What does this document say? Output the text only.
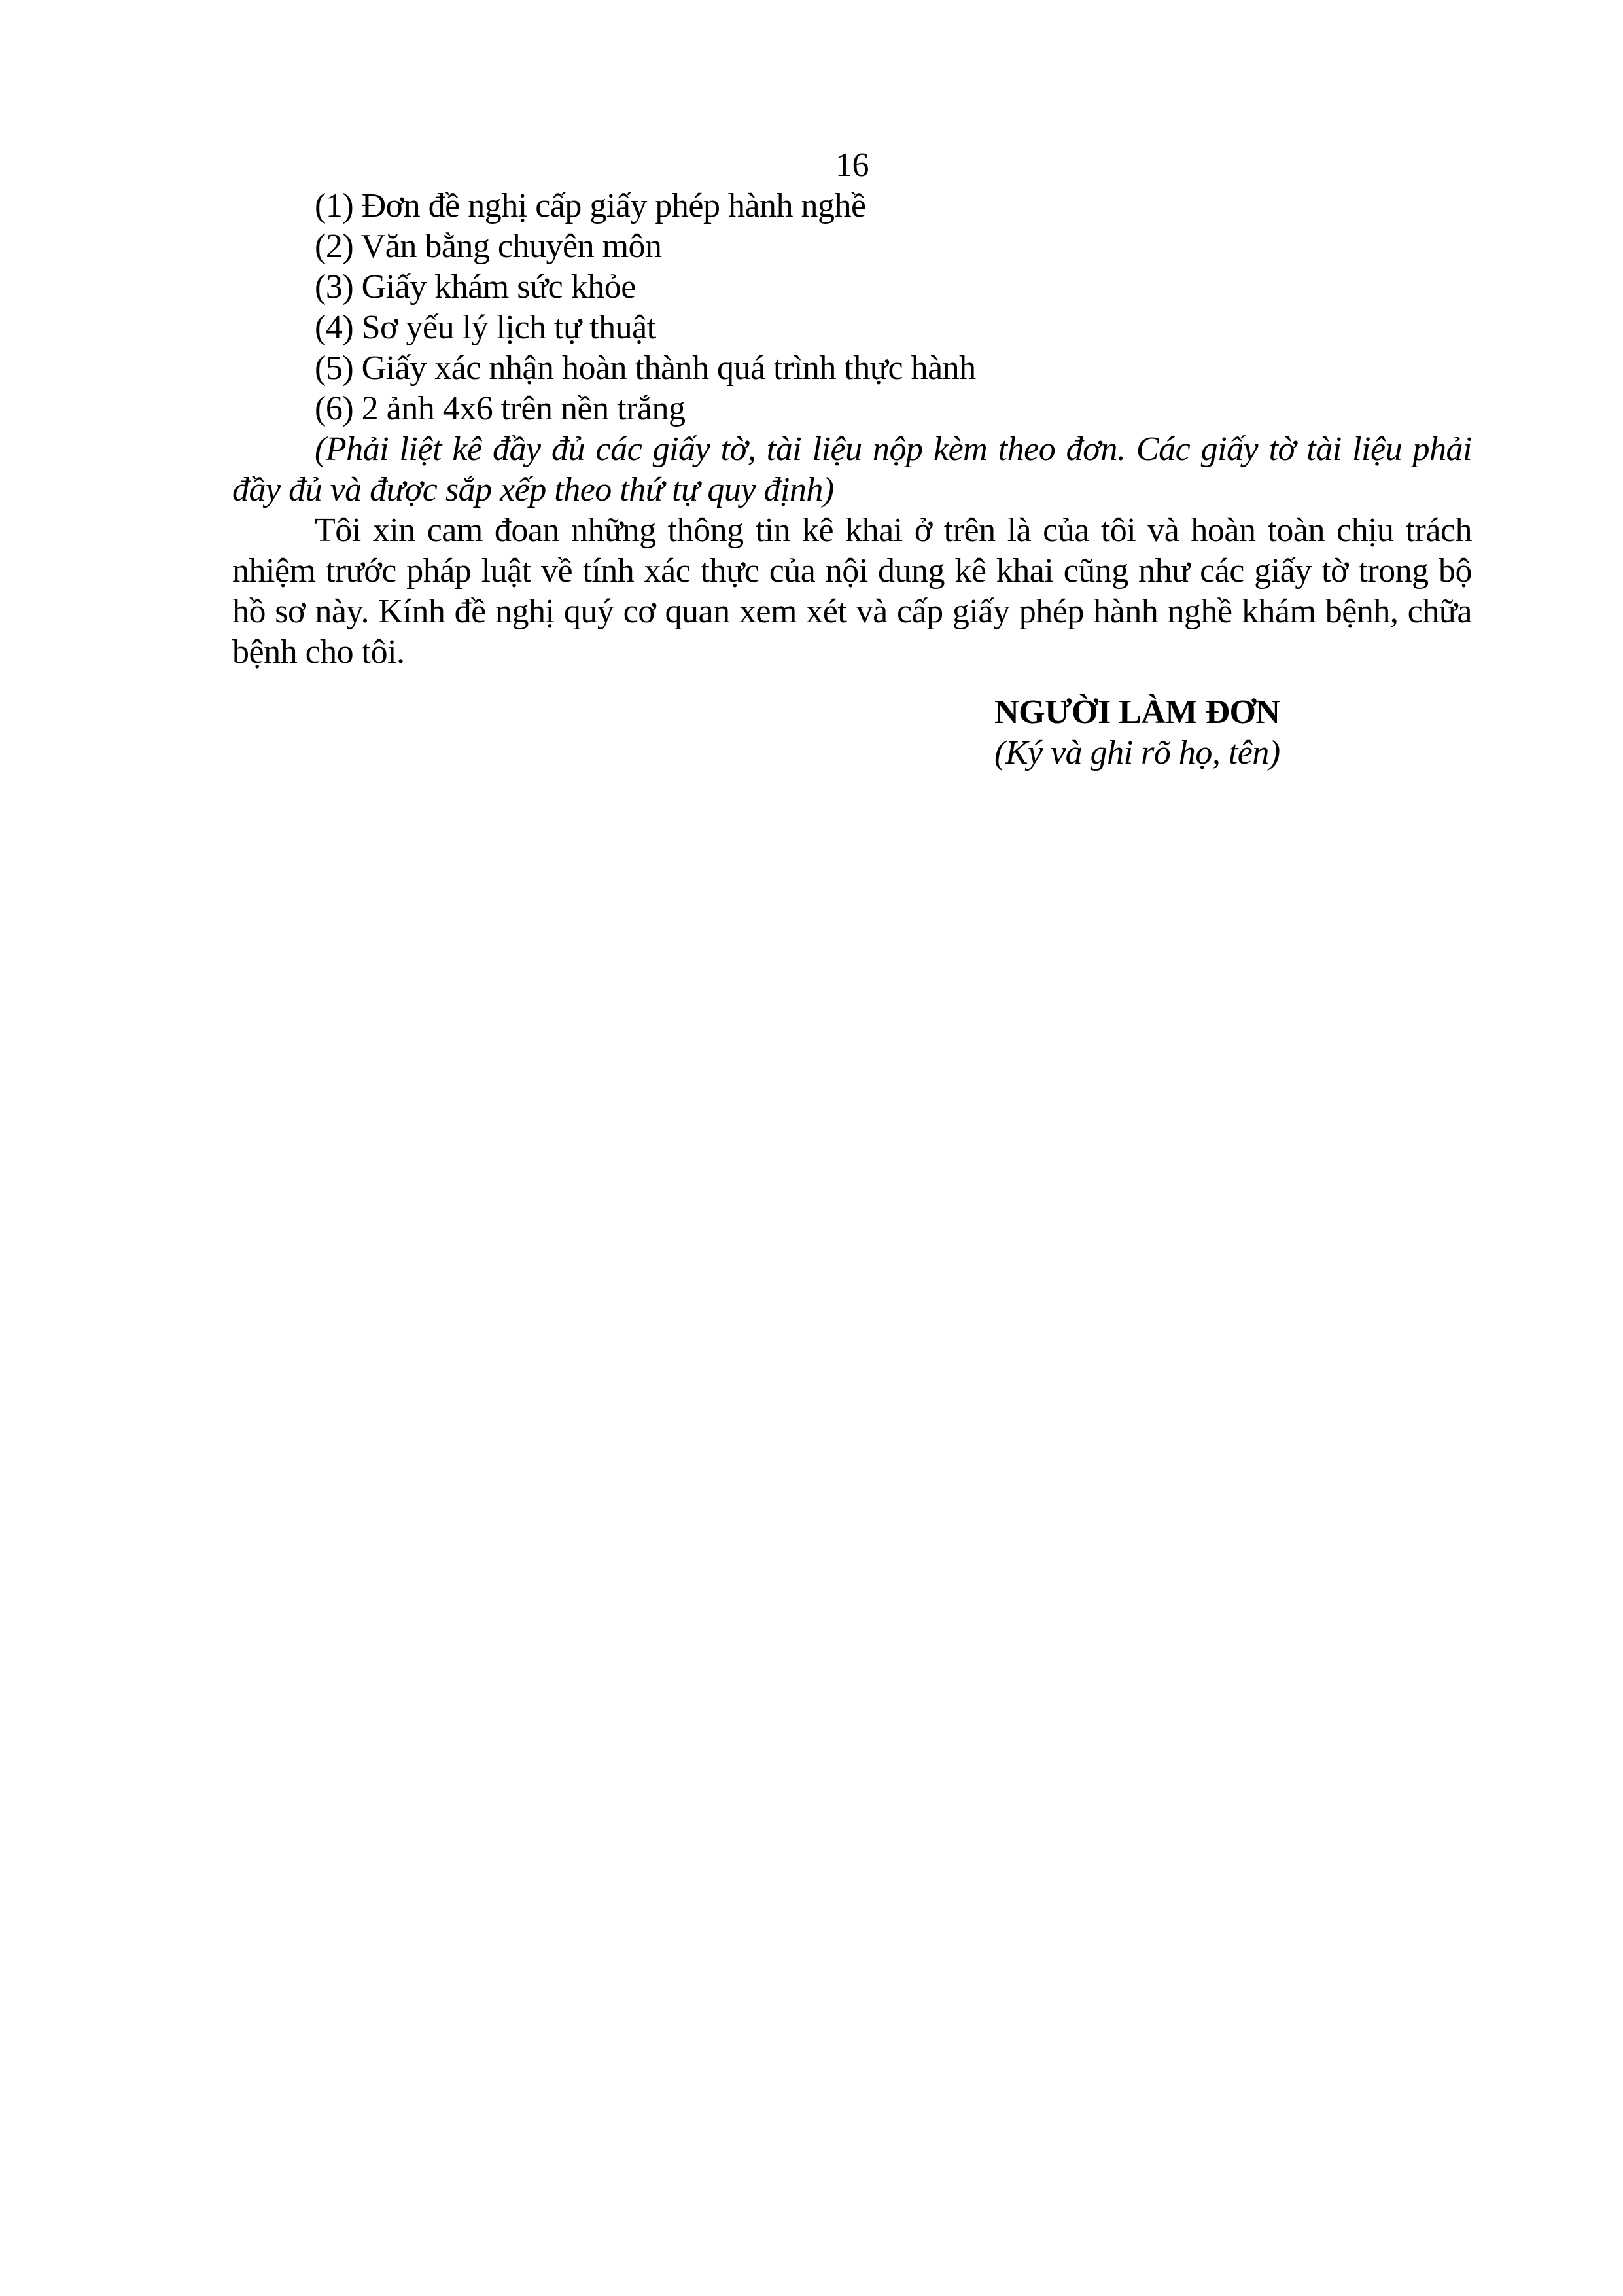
16
(1) Đơn đề nghị cấp giấy phép hành nghề
(2) Văn bằng chuyên môn
(3) Giấy khám sức khỏe
(4) Sơ yếu lý lịch tự thuật
(5) Giấy xác nhận hoàn thành quá trình thực hành
(6) 2 ảnh 4x6 trên nền trắng
(Phải liệt kê đầy đủ các giấy tờ, tài liệu nộp kèm theo đơn. Các giấy tờ tài liệu phải đầy đủ và được sắp xếp theo thứ tự quy định)
Tôi xin cam đoan những thông tin kê khai ở trên là của tôi và hoàn toàn chịu trách nhiệm trước pháp luật về tính xác thực của nội dung kê khai cũng như các giấy tờ trong bộ hồ sơ này. Kính đề nghị quý cơ quan xem xét và cấp giấy phép hành nghề khám bệnh, chữa bệnh cho tôi.
NGƯỜI LÀM ĐƠN
(Ký và ghi rõ họ, tên)
